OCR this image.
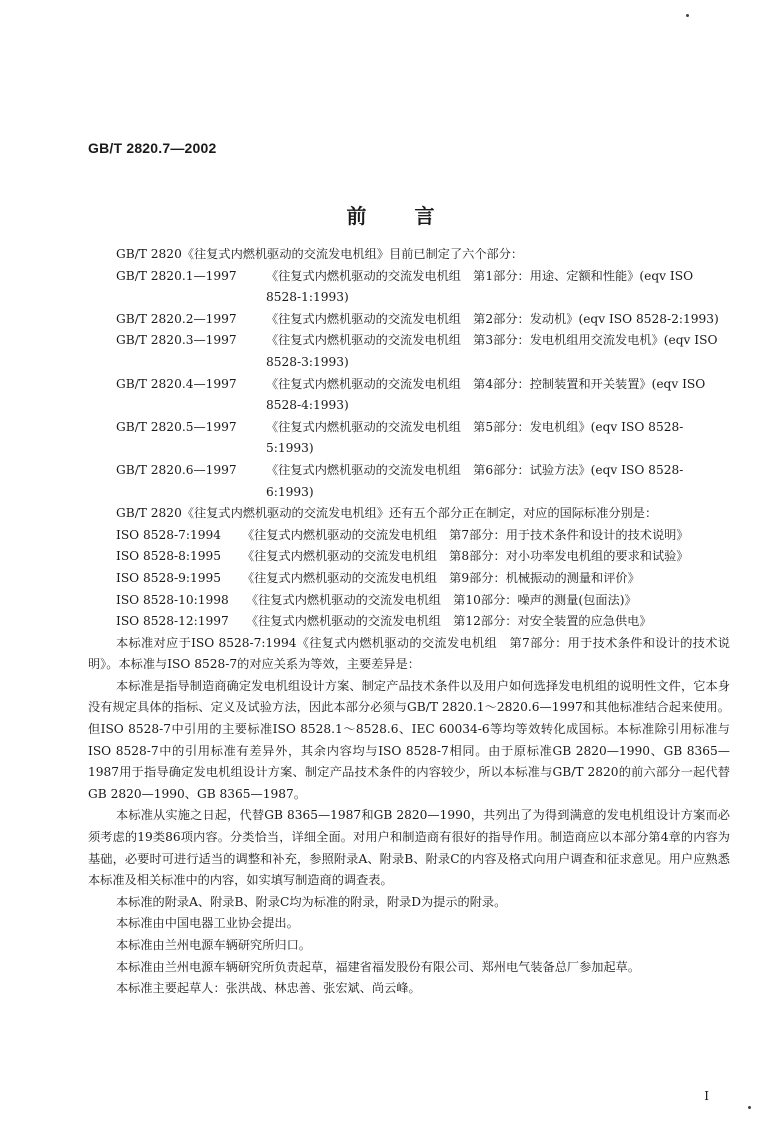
GB/T 2820.7—2002
前言
GB/T 2820《往复式内燃机驱动的交流发电机组》目前已制定了六个部分：
GB/T 2820.1—1997	《往复式内燃机驱动的交流发电机组　第1部分：用途、定额和性能》(eqv ISO 8528-1:1993)
GB/T 2820.2—1997	《往复式内燃机驱动的交流发电机组　第2部分：发动机》(eqv ISO 8528-2:1993)
GB/T 2820.3—1997	《往复式内燃机驱动的交流发电机组　第3部分：发电机组用交流发电机》(eqv ISO 8528-3:1993)
GB/T 2820.4—1997	《往复式内燃机驱动的交流发电机组　第4部分：控制装置和开关装置》(eqv ISO 8528-4:1993)
GB/T 2820.5—1997	《往复式内燃机驱动的交流发电机组　第5部分：发电机组》(eqv ISO 8528-5:1993)
GB/T 2820.6—1997	《往复式内燃机驱动的交流发电机组　第6部分：试验方法》(eqv ISO 8528-6:1993)
GB/T 2820《往复式内燃机驱动的交流发电机组》还有五个部分正在制定，对应的国际标准分别是：
ISO 8528-7:1994	《往复式内燃机驱动的交流发电机组　第7部分：用于技术条件和设计的技术说明》
ISO 8528-8:1995	《往复式内燃机驱动的交流发电机组　第8部分：对小功率发电机组的要求和试验》
ISO 8528-9:1995	《往复式内燃机驱动的交流发电机组　第9部分：机械振动的测量和评价》
ISO 8528-10:1998	《往复式内燃机驱动的交流发电机组　第10部分：噪声的测量(包面法)》
ISO 8528-12:1997	《往复式内燃机驱动的交流发电机组　第12部分：对安全装置的应急供电》
本标准对应于ISO 8528-7:1994《往复式内燃机驱动的交流发电机组　第7部分：用于技术条件和设计的技术说明》。本标准与ISO 8528-7的对应关系为等效，主要差异是：
本标准是指导制造商确定发电机组设计方案、制定产品技术条件以及用户如何选择发电机组的说明性文件，它本身没有规定具体的指标、定义及试验方法，因此本部分必须与GB/T 2820.1～2820.6—1997和其他标准结合起来使用。但ISO 8528-7中引用的主要标准ISO 8528.1～8528.6、IEC 60034-6等均等效转化成国标。本标准除引用标准与ISO 8528-7中的引用标准有差异外，其余内容均与ISO 8528-7相同。由于原标准GB 2820—1990、GB 8365—1987用于指导确定发电机组设计方案、制定产品技术条件的内容较少，所以本标准与GB/T 2820的前六部分一起代替GB 2820—1990、GB 8365—1987。
本标准从实施之日起，代替GB 8365—1987和GB 2820—1990，共列出了为得到满意的发电机组设计方案而必须考虑的19类86项内容。分类恰当，详细全面。对用户和制造商有很好的指导作用。制造商应以本部分第4章的内容为基础，必要时可进行适当的调整和补充，参照附录A、附录B、附录C的内容及格式向用户调查和征求意见。用户应熟悉本标准及相关标准中的内容，如实填写制造商的调查表。
本标准的附录A、附录B、附录C均为标准的附录，附录D为提示的附录。
本标准由中国电器工业协会提出。
本标准由兰州电源车辆研究所归口。
本标准由兰州电源车辆研究所负责起草，福建省福发股份有限公司、郑州电气装备总厂参加起草。
本标准主要起草人：张洪战、林忠善、张宏斌、尚云峰。
I
